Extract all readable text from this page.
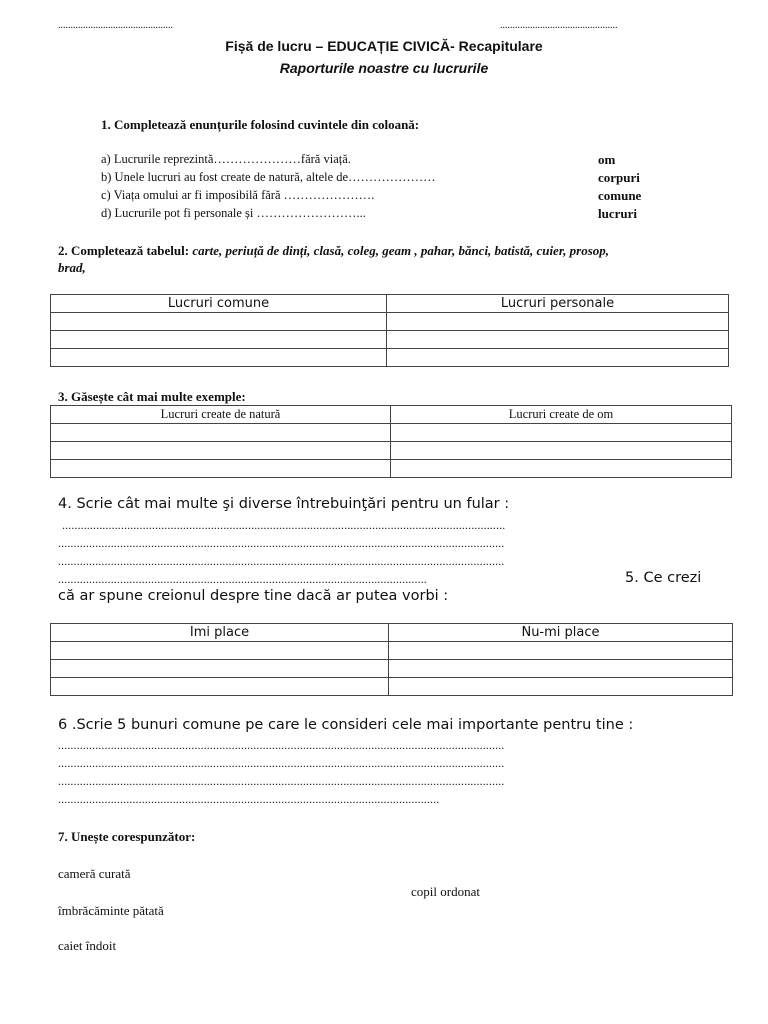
..............................................	...............................................
Fișă de lucru – EDUCAȚIE CIVICĂ- Recapitulare
Raporturile noastre cu lucrurile
1. Completează enunțurile folosind cuvintele din coloană:
a) Lucrurile reprezintă…………………fără viață.
b) Unele lucruri au fost create de natură, altele de…………………
c) Viața omului ar fi imposibilă fără ………………….
d) Lucrurile pot fi personale și ……………………...
om
corpuri
comune
lucruri
2. Completează tabelul: carte, periuță de dinți, clasă, coleg, geam , pahar, bănci, batistă, cuier, prosop,
brad,
Lucruri comune	Lucruri personale

3. Găsește cât mai multe exemple:
Lucruri create de natură	Lucruri create de om

4. Scrie cât mai multe şi diverse întrebuinţări pentru un fular :
...............................................................................................................................................
................................................................................................................................................
................................................................................................................................................
.......................................................................................................................	5. Ce crezi
că ar spune creionul despre tine dacă ar putea vorbi :
Imi place	Nu-mi place

6 .Scrie 5 bunuri comune pe care le consideri cele mai importante pentru tine :
................................................................................................................................................
................................................................................................................................................
................................................................................................................................................
...........................................................................................................................
7. Unește corespunzător:
cameră curată
îmbrăcăminte pătată
caiet îndoit
copil ordonat
